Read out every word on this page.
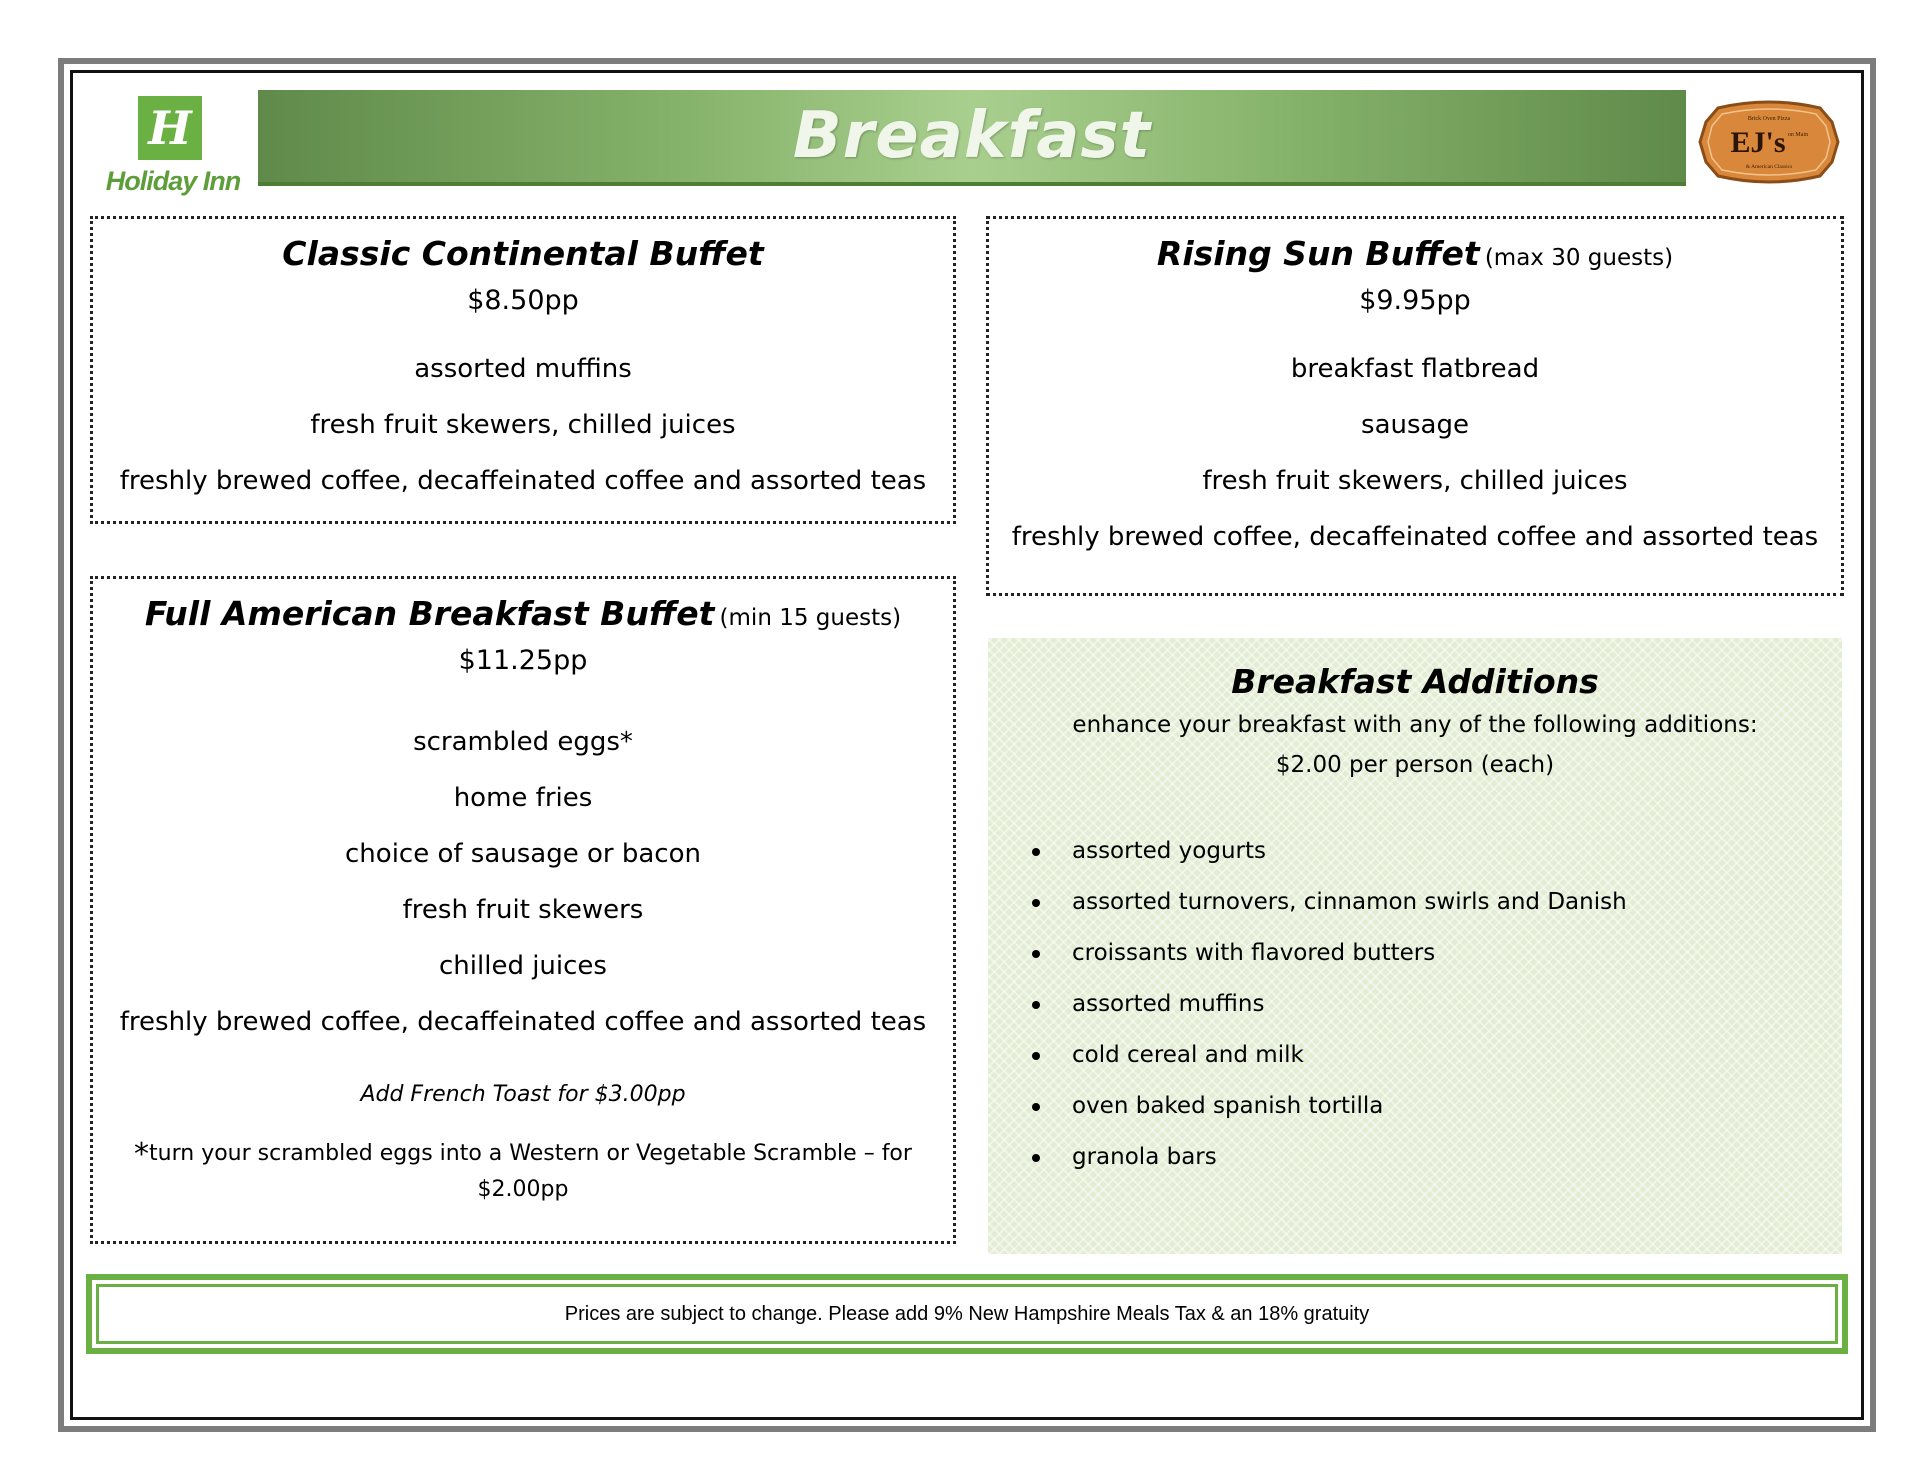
H
Holiday Inn
Breakfast	Brick Oven Pizza
EJ's on Main
& American Classics
Classic Continental Buffet
$8.50pp
assorted muffins
fresh fruit skewers, chilled juices
freshly brewed coffee, decaffeinated coffee and assorted teas
Rising Sun Buffet (max 30 guests)
$9.95pp
breakfast flatbread
sausage
fresh fruit skewers, chilled juices
freshly brewed coffee, decaffeinated coffee and assorted teas
Full American Breakfast Buffet (min 15 guests)
$11.25pp
scrambled eggs*
home fries
choice of sausage or bacon
fresh fruit skewers
chilled juices
freshly brewed coffee, decaffeinated coffee and assorted teas
Add French Toast for $3.00pp
*turn your scrambled eggs into a Western or Vegetable Scramble – for
$2.00pp
Breakfast Additions
enhance your breakfast with any of the following additions:
$2.00 per person (each)
assorted yogurts
assorted turnovers, cinnamon swirls and Danish
croissants with flavored butters
assorted muffins
cold cereal and milk
oven baked spanish tortilla
granola bars
Prices are subject to change. Please add 9% New Hampshire Meals Tax & an 18% gratuity
